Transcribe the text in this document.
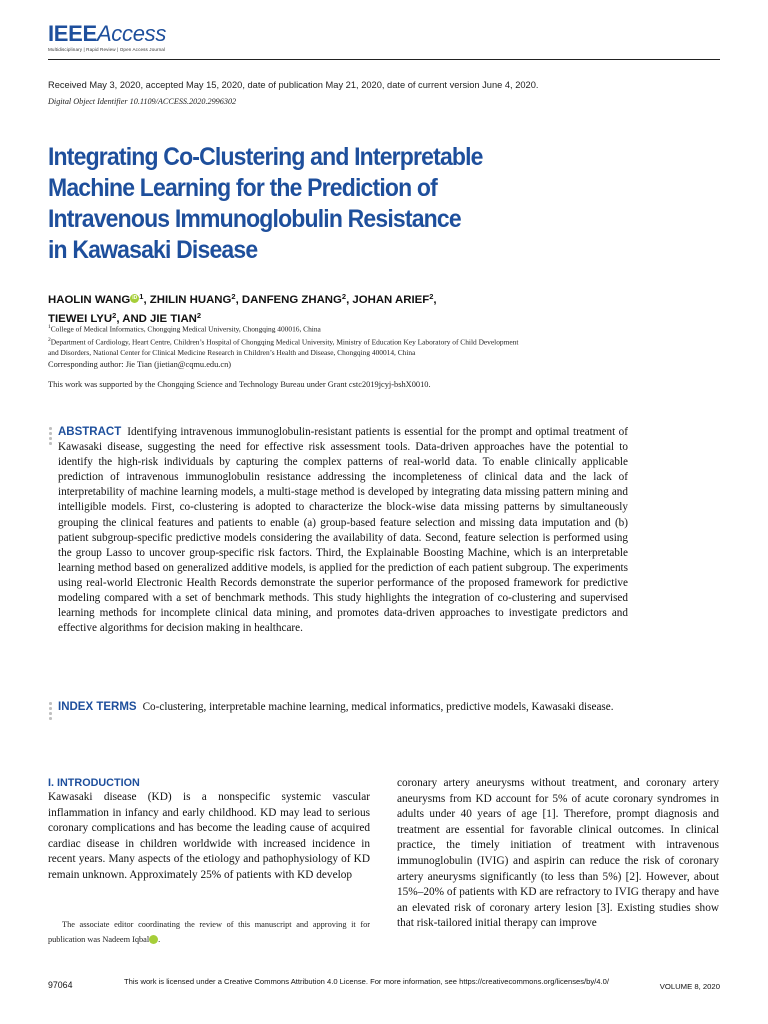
IEEEAccess
Multidisciplinary | Rapid Review | Open Access Journal
Received May 3, 2020, accepted May 15, 2020, date of publication May 21, 2020, date of current version June 4, 2020.
Digital Object Identifier 10.1109/ACCESS.2020.2996302
Integrating Co-Clustering and Interpretable
Machine Learning for the Prediction of
Intravenous Immunoglobulin Resistance
in Kawasaki Disease
HAOLIN WANG iD $^1$, ZHILIN HUANG$^2$, DANFENG ZHANG$^2$, JOHAN ARIEF$^2$,
TIEWEI LYU$^2$, AND JIE TIAN$^2$
$^1$College of Medical Informatics, Chongqing Medical University, Chongqing 400016, China
$^2$Department of Cardiology, Heart Centre, Children’s Hospital of Chongqing Medical University, Ministry of Education Key Laboratory of Child Development
and Disorders, National Center for Clinical Medicine Research in Children’s Health and Disease, Chongqing 400014, China
Corresponding author: Jie Tian (jietian@cqmu.edu.cn)
This work was supported by the Chongqing Science and Technology Bureau under Grant cstc2019jcyj-bshX0010.
ABSTRACT Identifying intravenous immunoglobulin-resistant patients is essential for the prompt and optimal treatment of Kawasaki disease, suggesting the need for effective risk assessment tools. Data-driven approaches have the potential to identify the high-risk individuals by capturing the complex patterns of real-world data. To enable clinically applicable prediction of intravenous immunoglobulin resistance addressing the incompleteness of clinical data and the lack of interpretability of machine learning models, a multi-stage method is developed by integrating data missing pattern mining and intelligible models. First, co-clustering is adopted to characterize the block-wise data missing patterns by simultaneously grouping the clinical features and patients to enable (a) group-based feature selection and missing data imputation and (b) patient subgroup-specific predictive models considering the availability of data. Second, feature selection is performed using the group Lasso to uncover group-specific risk factors. Third, the Explainable Boosting Machine, which is an interpretable learning method based on generalized additive models, is applied for the prediction of each patient subgroup. The experiments using real-world Electronic Health Records demonstrate the superior performance of the proposed framework for predictive modeling compared with a set of benchmark methods. This study highlights the integration of co-clustering and supervised learning methods for incomplete clinical data mining, and promotes data-driven approaches to investigate predictors and effective algorithms for decision making in healthcare.
INDEX TERMS Co-clustering, interpretable machine learning, medical informatics, predictive models, Kawasaki disease.
I. INTRODUCTION
Kawasaki disease (KD) is a nonspecific systemic vascular inflammation in infancy and early childhood. KD may lead to serious coronary complications and has become the leading cause of acquired cardiac disease in children worldwide with increased incidence in recent years. Many aspects of the etiology and pathophysiology of KD remain unknown. Approximately 25% of patients with KD develop
coronary artery aneurysms without treatment, and coronary artery aneurysms from KD account for 5% of acute coronary syndromes in adults under 40 years of age [1]. Therefore, prompt diagnosis and treatment are essential for favorable clinical outcomes. In clinical practice, the timely initiation of treatment with intravenous immunoglobulin (IVIG) and aspirin can reduce the risk of coronary artery aneurysms significantly (to less than 5%) [2]. However, about 15%–20% of patients with KD are refractory to IVIG therapy and have an elevated risk of coronary artery lesion [3]. Existing studies show that risk-tailored initial therapy can improve
The associate editor coordinating the review of this manuscript and approving it for publication was Nadeem Iqbal	iD.
97064	This work is licensed under a Creative Commons Attribution 4.0 License. For more information, see https://creativecommons.org/licenses/by/4.0/
VOLUME 8, 2020
